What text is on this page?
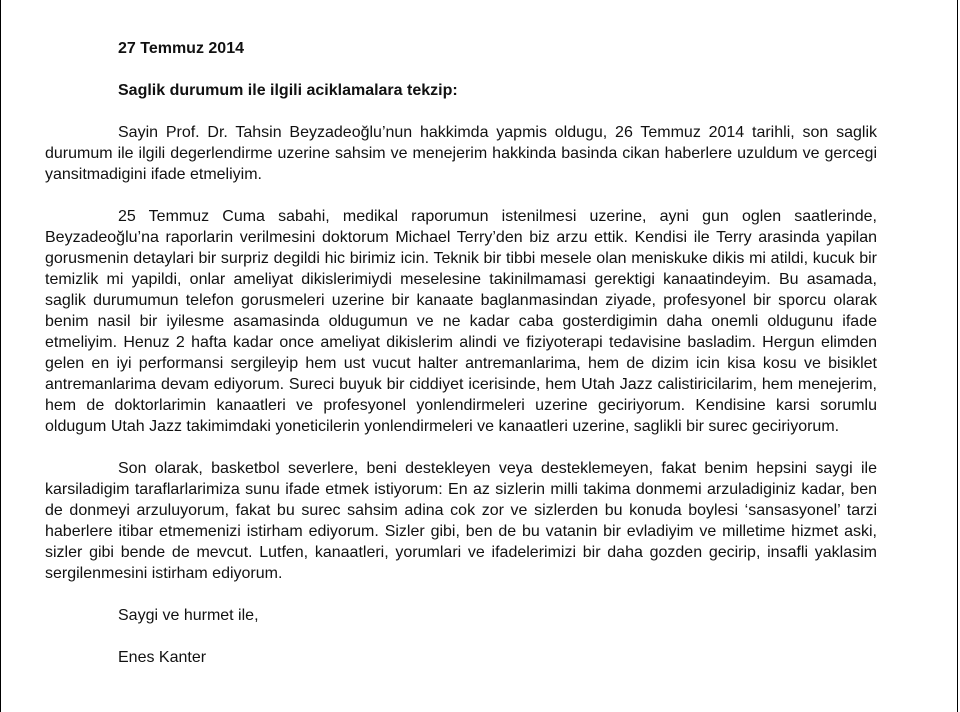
27 Temmuz 2014
Saglik durumum ile ilgili aciklamalara tekzip:

Sayin Prof. Dr. Tahsin Beyzadeoğlu’nun hakkimda yapmis oldugu, 26 Temmuz 2014 tarihli, son saglik durumum ile ilgili degerlendirme uzerine sahsim ve menejerim hakkinda basinda cikan haberlere uzuldum ve gercegi yansitmadigini ifade etmeliyim.

25 Temmuz Cuma sabahi, medikal raporumun istenilmesi uzerine, ayni gun oglen saatlerinde, Beyzadeoğlu’na raporlarin verilmesini doktorum Michael Terry’den biz arzu ettik. Kendisi ile Terry arasinda yapilan gorusmenin detaylari bir surpriz degildi hic birimiz icin. Teknik bir tibbi mesele olan meniskuke dikis mi atildi, kucuk bir temizlik mi yapildi, onlar ameliyat dikislerimiydi meselesine takinilmamasi gerektigi kanaatindeyim. Bu asamada, saglik durumumun telefon gorusmeleri uzerine bir kanaate baglanmasindan ziyade, profesyonel bir sporcu olarak benim nasil bir iyilesme asamasinda oldugumun ve ne kadar caba gosterdigimin daha onemli oldugunu ifade etmeliyim. Henuz 2 hafta kadar once ameliyat dikislerim alindi ve fiziyoterapi tedavisine basladim. Hergun elimden gelen en iyi performansi sergileyip hem ust vucut halter antremanlarima, hem de dizim icin kisa kosu ve bisiklet antremanlarima devam ediyorum. Sureci buyuk bir ciddiyet icerisinde, hem Utah Jazz calistiricilarim, hem menejerim, hem de doktorlarimin kanaatleri ve profesyonel yonlendirmeleri uzerine geciriyorum. Kendisine karsi sorumlu oldugum Utah Jazz takimimdaki yoneticilerin yonlendirmeleri ve kanaatleri uzerine, saglikli bir surec geciriyorum.

Son olarak, basketbol severlere, beni destekleyen veya desteklemeyen, fakat benim hepsini saygi ile karsiladigim taraflarlarimiza sunu ifade etmek istiyorum: En az sizlerin milli takima donmemi arzuladiginiz kadar, ben de donmeyi arzuluyorum, fakat bu surec sahsim adina cok zor ve sizlerden bu konuda boylesi ‘sansasyonel’ tarzi haberlere itibar etmemenizi istirham ediyorum. Sizler gibi, ben de bu vatanin bir evladiyim ve milletime hizmet aski, sizler gibi bende de mevcut. Lutfen, kanaatleri, yorumlari ve ifadelerimizi bir daha gozden gecirip, insafli yaklasim sergilenmesini istirham ediyorum.

Saygi ve hurmet ile,
Enes Kanter
